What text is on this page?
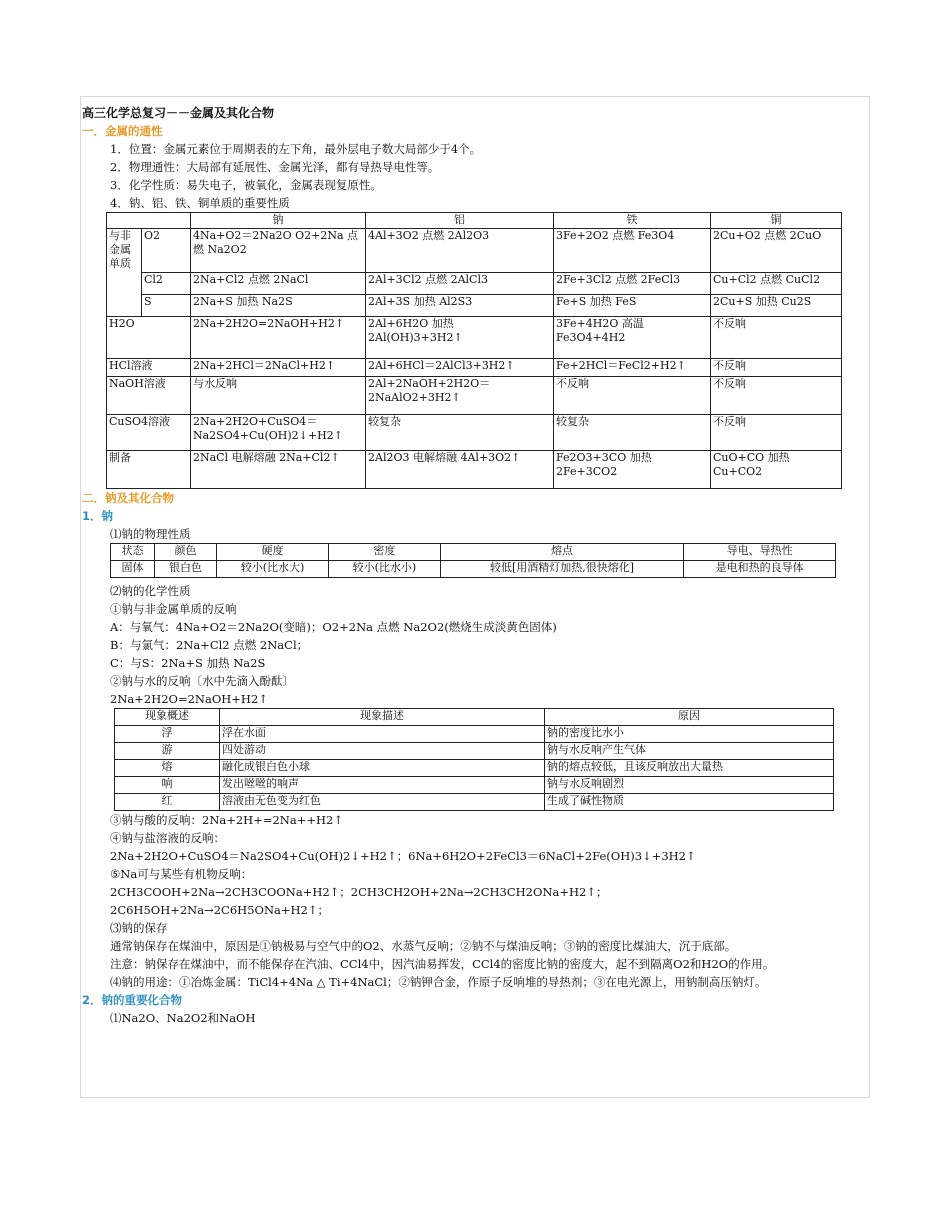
高三化学总复习－－金属及其化合物
一．金属的通性
1．位置：金属元素位于周期表的左下角，最外层电子数大局部少于4个。
2．物理通性：大局部有延展性、金属光泽，都有导热导电性等。
3．化学性质：易失电子，被氧化，金属表现复原性。
4．钠、铝、铁、铜单质的重要性质
		钠	铝	铁	铜
与非金属单质	O2	4Na+O2＝2Na2O O2+2Na 点燃 Na2O2	4Al+3O2 点燃 2Al2O3	3Fe+2O2 点燃 Fe3O4	2Cu+O2 点燃 2CuO
	Cl2	2Na+Cl2 点燃 2NaCl	2Al+3Cl2 点燃 2AlCl3	2Fe+3Cl2 点燃 2FeCl3	Cu+Cl2 点燃 CuCl2
	S	2Na+S 加热 Na2S	2Al+3S 加热 Al2S3	Fe+S 加热 FeS	2Cu+S 加热 Cu2S
H2O		2Na+2H2O=2NaOH+H2↑	2Al+6H2O 加热 2Al(OH)3+3H2↑	3Fe+4H2O 高温 Fe3O4+4H2	不反响
HCl溶液		2Na+2HCl＝2NaCl+H2↑	2Al+6HCl＝2AlCl3+3H2↑	Fe+2HCl＝FeCl2+H2↑	不反响
NaOH溶液		与水反响	2Al+2NaOH+2H2O＝2NaAlO2+3H2↑	不反响	不反响
CuSO4溶液		2Na+2H2O+CuSO4＝Na2SO4+Cu(OH)2↓+H2↑	较复杂	较复杂	不反响
制备		2NaCl 电解熔融 2Na+Cl2↑	2Al2O3 电解熔融 4Al+3O2↑	Fe2O3+3CO 加热 2Fe+3CO2	CuO+CO 加热 Cu+CO2
二．钠及其化合物
1．钠
⑴钠的物理性质
状态	颜色	硬度	密度	熔点	导电、导热性
固体	银白色	较小(比水大)	较小(比水小)	较低[用酒精灯加热,很快熔化]	是电和热的良导体
⑵钠的化学性质
①钠与非金属单质的反响
A：与氧气：4Na+O2＝2Na2O(变暗)；O2+2Na 点燃 Na2O2(燃烧生成淡黄色固体)
B：与氯气：2Na+Cl2 点燃 2NaCl；
C：与S：2Na+S 加热 Na2S
②钠与水的反响〔水中先滴入酚酞〕
2Na+2H2O=2NaOH+H2↑
现象概述	现象描述	原因
浮	浮在水面	钠的密度比水小
游	四处游动	钠与水反响产生气体
熔	融化成银白色小球	钠的熔点较低，且该反响放出大量热
响	发出咝咝的响声	钠与水反响剧烈
红	溶液由无色变为红色	生成了碱性物质
③钠与酸的反响：2Na+2H+=2Na++H2↑
④钠与盐溶液的反响：
2Na+2H2O+CuSO4＝Na2SO4+Cu(OH)2↓+H2↑；6Na+6H2O+2FeCl3＝6NaCl+2Fe(OH)3↓+3H2↑
⑤Na可与某些有机物反响：
2CH3COOH+2Na→2CH3COONa+H2↑；2CH3CH2OH+2Na→2CH3CH2ONa+H2↑；
2C6H5OH+2Na→2C6H5ONa+H2↑；
⑶钠的保存
通常钠保存在煤油中，原因是①钠极易与空气中的O2、水蒸气反响；②钠不与煤油反响；③钠的密度比煤油大，沉于底部。
注意：钠保存在煤油中，而不能保存在汽油、CCl4中，因汽油易挥发，CCl4的密度比钠的密度大，起不到隔离O2和H2O的作用。
⑷钠的用途：①冶炼金属：TiCl4+4Na △ Ti+4NaCl；②钠钾合金，作原子反响堆的导热剂；③在电光源上，用钠制高压钠灯。
2．钠的重要化合物
⑴Na2O、Na2O2和NaOH
